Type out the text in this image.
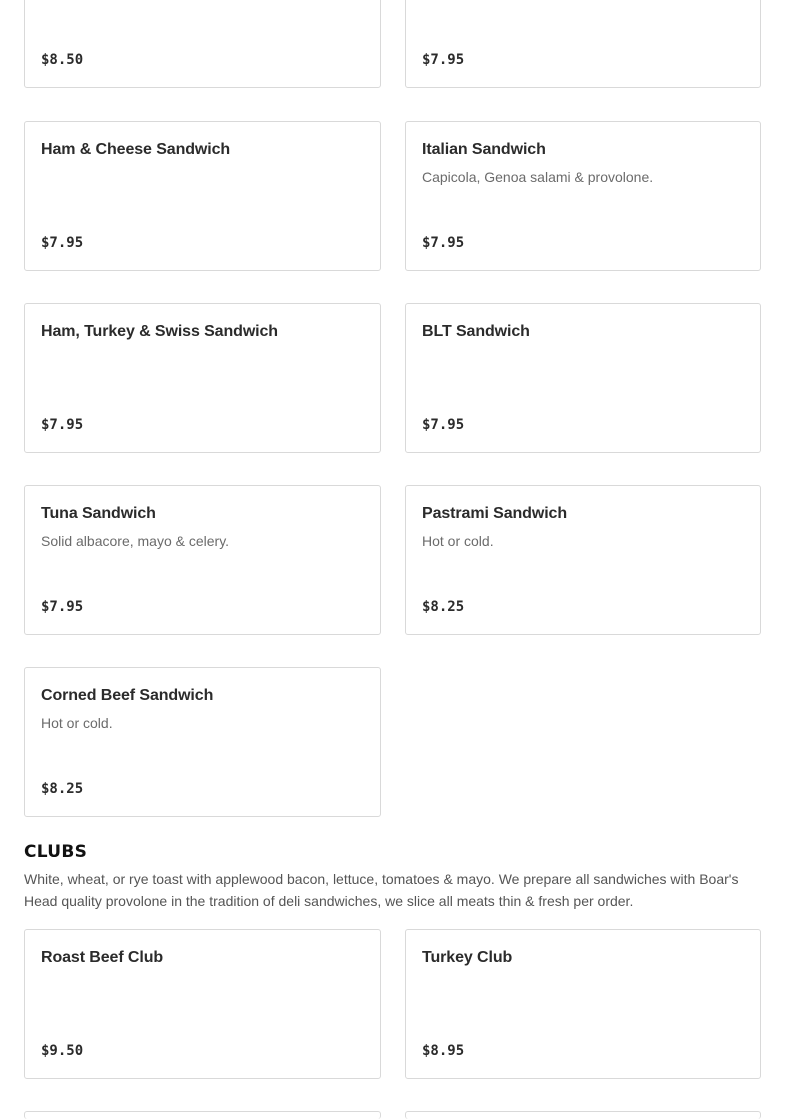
$8.50	$7.95
Ham & Cheese Sandwich
$7.95
Italian Sandwich
Capicola, Genoa salami & provolone.
$7.95
Ham, Turkey & Swiss Sandwich
$7.95
BLT Sandwich
$7.95
Tuna Sandwich
Solid albacore, mayo & celery.
$7.95
Pastrami Sandwich
Hot or cold.
$8.25
Corned Beef Sandwich
Hot or cold.
$8.25
CLUBS

White, wheat, or rye toast with applewood bacon, lettuce, tomatoes & mayo. We prepare all sandwiches with Boar's Head quality provolone in the tradition of deli sandwiches, we slice all meats thin & fresh per order.

Roast Beef Club
$9.50
Turkey Club
$8.95
